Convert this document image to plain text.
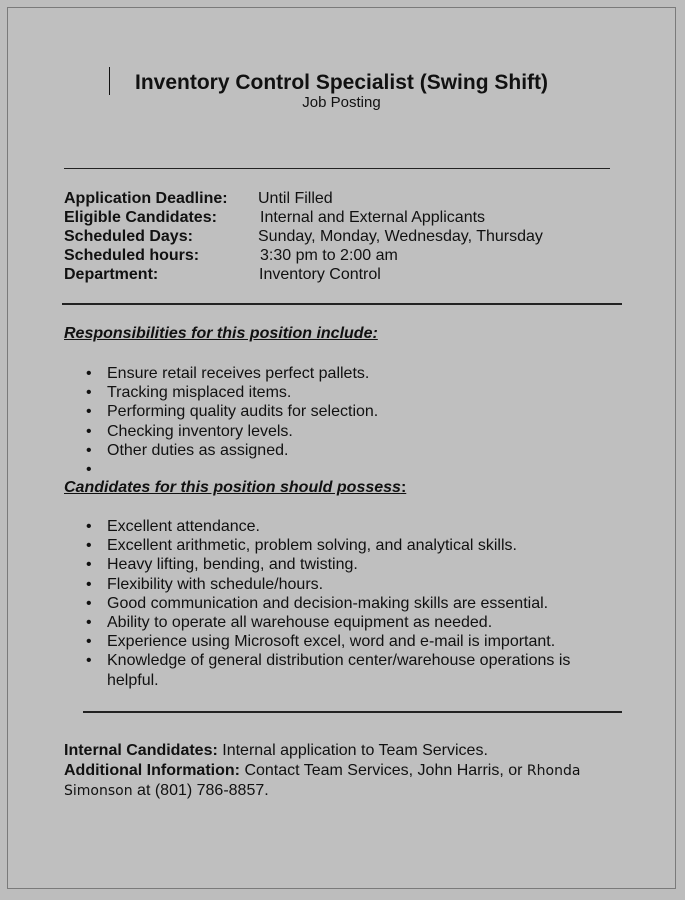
Inventory Control Specialist (Swing Shift)
Job Posting
Application Deadline: Until Filled
Eligible Candidates:	Internal and External Applicants
Scheduled Days:	Sunday, Monday, Wednesday, Thursday
Scheduled hours:	3:30 pm to 2:00 am
Department:	Inventory Control
Responsibilities for this position include:
• Ensure retail receives perfect pallets.
• Tracking misplaced items.
• Performing quality audits for selection.
• Checking inventory levels.
• Other duties as assigned.
•
Candidates for this position should possess:
• Excellent attendance.
• Excellent arithmetic, problem solving, and analytical skills.
• Heavy lifting, bending, and twisting.
• Flexibility with schedule/hours.
• Good communication and decision-making skills are essential.
• Ability to operate all warehouse equipment as needed.
• Experience using Microsoft excel, word and e-mail is important.
• Knowledge of general distribution center/warehouse operations is helpful.
Internal Candidates: Internal application to Team Services.
Additional Information: Contact Team Services, John Harris, or Rhonda
Simonson at (801) 786-8857.
